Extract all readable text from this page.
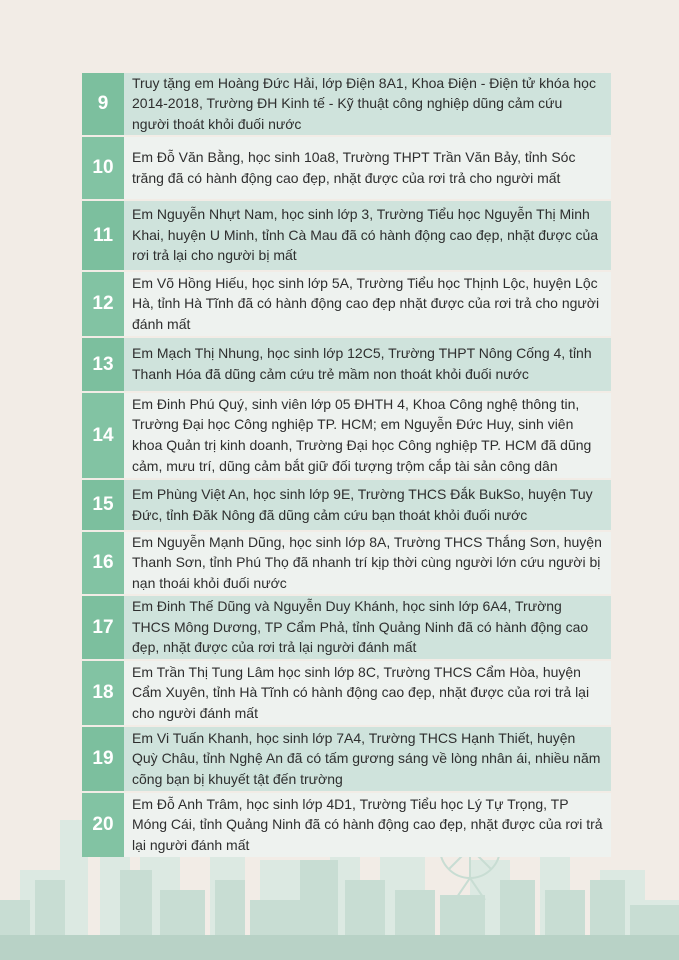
9
Truy tặng em Hoàng Đức Hải, lớp Điện 8A1, Khoa Điện - Điện tử khóa học 2014-2018, Trường ĐH Kinh tế - Kỹ thuật công nghiệp dũng cảm cứu người thoát khỏi đuối nước
10
Em Đỗ Văn Bằng, học sinh 10a8, Trường THPT Trần Văn Bảy, tỉnh Sóc trăng đã có hành động cao đẹp, nhặt được của rơi trả cho người mất
11
Em Nguyễn Nhựt Nam, học sinh lớp 3, Trường Tiểu học Nguyễn Thị Minh Khai, huyện U Minh, tỉnh Cà Mau đã có hành động cao đẹp, nhặt được của rơi trả lại cho người bị mất
12
Em Võ Hồng Hiếu, học sinh lớp 5A, Trường Tiểu học Thịnh Lộc, huyện Lộc Hà, tỉnh Hà Tĩnh đã có hành động cao đẹp nhặt được của rơi trả cho người đánh mất
13
Em Mạch Thị Nhung, học sinh lớp 12C5, Trường THPT Nông Cống 4, tỉnh Thanh Hóa đã dũng cảm cứu trẻ mầm non thoát khỏi đuối nước
14
Em Đinh Phú Quý, sinh viên lớp 05 ĐHTH 4, Khoa Công nghệ thông tin, Trường Đại học Công nghiệp TP. HCM; em Nguyễn Đức Huy, sinh viên khoa Quản trị kinh doanh, Trường Đại học Công nghiệp TP. HCM đã dũng cảm, mưu trí, dũng cảm bắt giữ đối tượng trộm cắp tài sản công dân
15
Em Phùng Việt An, học sinh lớp 9E, Trường THCS Đắk BukSo, huyện Tuy Đức, tỉnh Đăk Nông đã dũng cảm cứu bạn thoát khỏi đuối nước
16
Em Nguyễn Mạnh Dũng, học sinh lớp 8A, Trường THCS Thắng Sơn, huyện Thanh Sơn, tỉnh Phú Thọ đã nhanh trí kịp thời cùng người lớn cứu người bị nạn thoái khỏi đuối nước
17
Em Đinh Thế Dũng và Nguyễn Duy Khánh, học sinh lớp 6A4, Trường THCS Mông Dương, TP Cẩm Phả, tỉnh Quảng Ninh đã có hành động cao đẹp, nhặt được của rơi trả lại người đánh mất
18
Em Trần Thị Tung Lâm học sinh lớp 8C, Trường THCS Cẩm Hòa, huyện Cẩm Xuyên, tỉnh Hà Tĩnh có hành động cao đẹp, nhặt được của rơi trả lại cho người đánh mất
19
Em Vi Tuấn Khanh, học sinh lớp 7A4, Trường THCS Hạnh Thiết, huyện Quỳ Châu, tỉnh Nghệ An đã có tấm gương sáng về lòng nhân ái, nhiều năm cõng bạn bị khuyết tật đến trường
20
Em Đỗ Anh Trâm, học sinh lớp 4D1, Trường Tiểu học Lý Tự Trọng, TP Móng Cái, tỉnh Quảng Ninh đã có hành động cao đẹp, nhặt được của rơi trả lại người đánh mất
